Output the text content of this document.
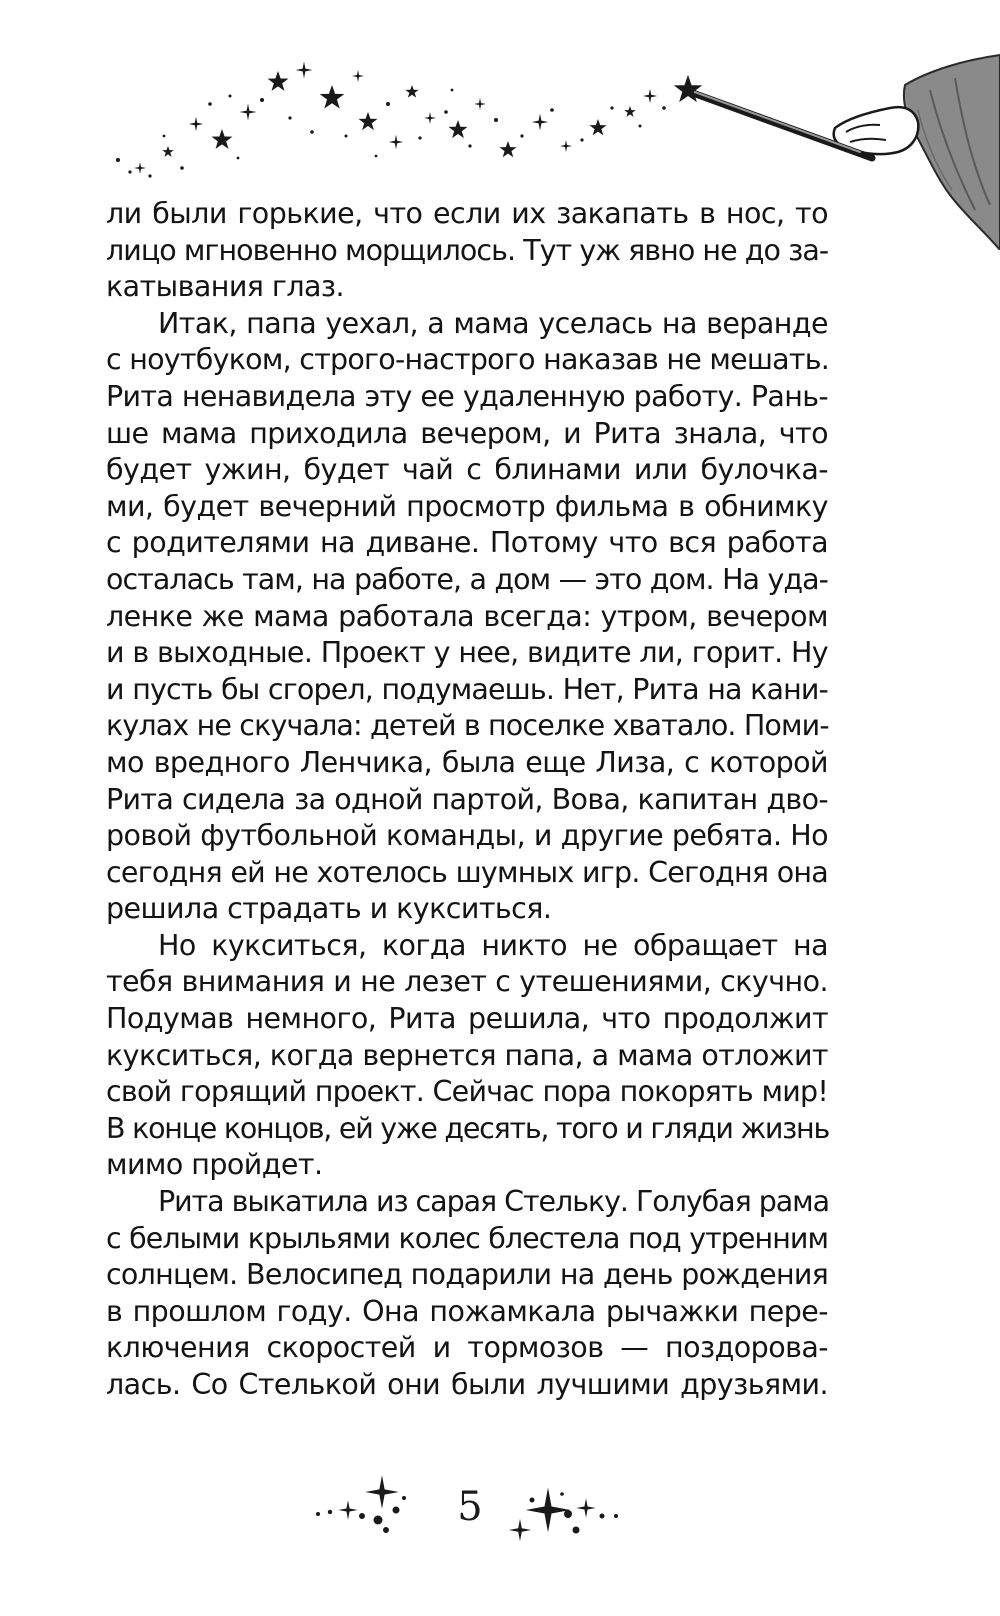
ли были горькие, что если их закапать в нос, то
лицо мгновенно морщилось. Тут уж явно не до за-
катывания глаз.
Итак, папа уехал, а мама уселась на веранде
с ноутбуком, строго-настрого наказав не мешать.
Рита ненавидела эту ее удаленную работу. Рань-
ше мама приходила вечером, и Рита знала, что
будет ужин, будет чай с блинами или булочка-
ми, будет вечерний просмотр фильма в обнимку
с родителями на диване. Потому что вся работа
осталась там, на работе, а дом — это дом. На уда-
ленке же мама работала всегда: утром, вечером
и в выходные. Проект у нее, видите ли, горит. Ну
и пусть бы сгорел, подумаешь. Нет, Рита на кани-
кулах не скучала: детей в поселке хватало. Поми-
мо вредного Ленчика, была еще Лиза, с которой
Рита сидела за одной партой, Вова, капитан дво-
ровой футбольной команды, и другие ребята. Но
сегодня ей не хотелось шумных игр. Сегодня она
решила страдать и кукситься.
Но кукситься, когда никто не обращает на
тебя внимания и не лезет с утешениями, скучно.
Подумав немного, Рита решила, что продолжит
кукситься, когда вернется папа, а мама отложит
свой горящий проект. Сейчас пора покорять мир!
В конце концов, ей уже десять, того и гляди жизнь
мимо пройдет.
Рита выкатила из сарая Стельку. Голубая рама
с белыми крыльями колес блестела под утренним
солнцем. Велосипед подарили на день рождения
в прошлом году. Она пожамкала рычажки пере-
ключения скоростей и тормозов — поздорова-
лась. Со Стелькой они были лучшими друзьями.
5
